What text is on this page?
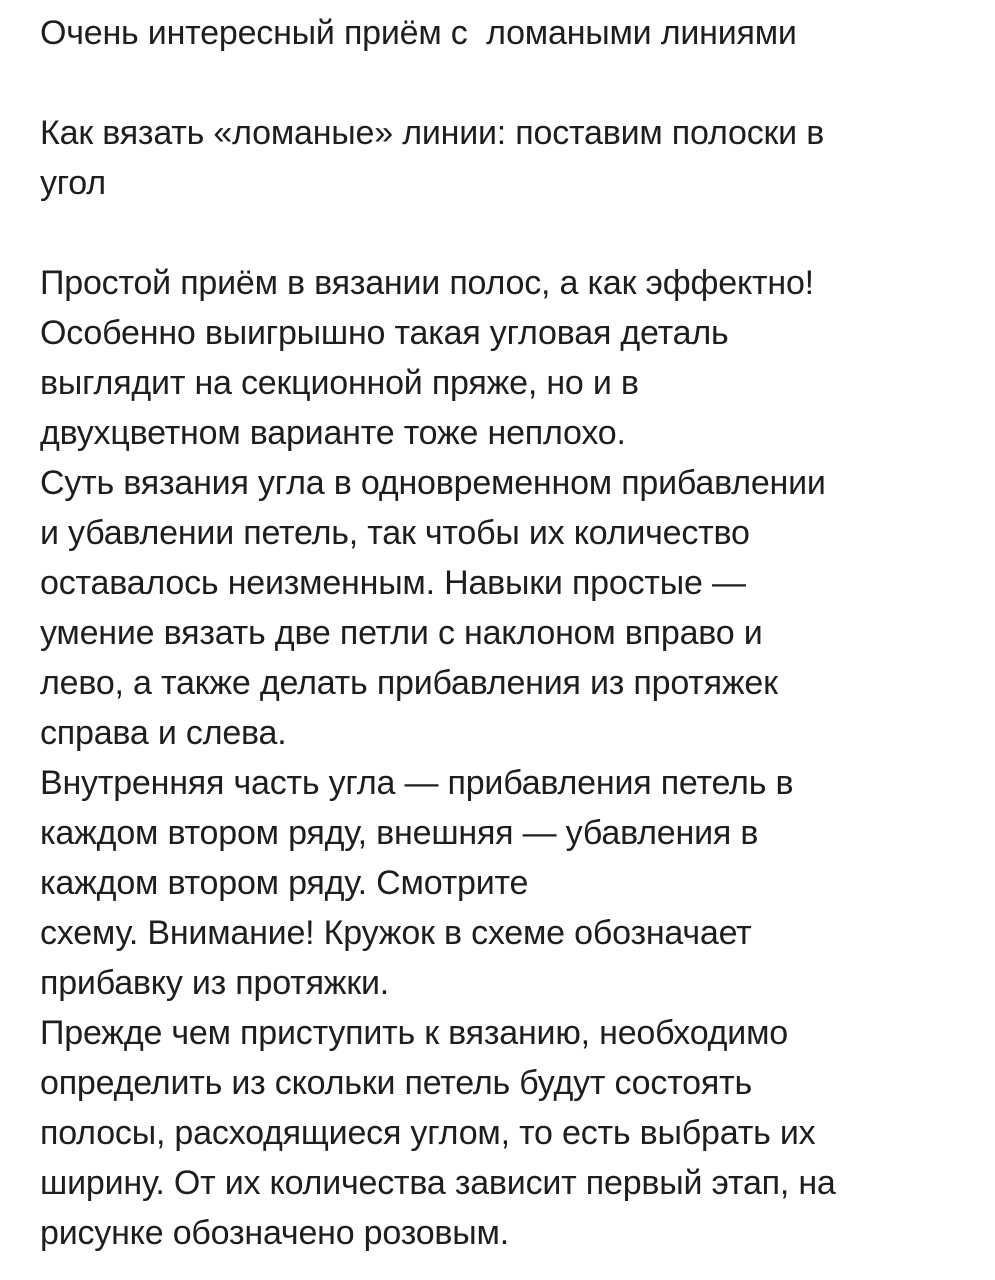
Очень интересный приём с  ломаными линиями
Как вязать «ломаные» линии: поставим полоски в
угол
Простой приём в вязании полос, а как эффектно!
Особенно выигрышно такая угловая деталь
выглядит на секционной пряже, но и в
двухцветном варианте тоже неплохо.
Суть вязания угла в одновременном прибавлении
и убавлении петель, так чтобы их количество
оставалось неизменным. Навыки простые —
умение вязать две петли с наклоном вправо и
лево, а также делать прибавления из протяжек
справа и слева.
Внутренняя часть угла — прибавления петель в
каждом втором ряду, внешняя — убавления в
каждом втором ряду. Смотрите
схему. Внимание! Кружок в схеме обозначает
прибавку из протяжки.
Прежде чем приступить к вязанию, необходимо
определить из скольки петель будут состоять
полосы, расходящиеся углом, то есть выбрать их
ширину. От их количества зависит первый этап, на
рисунке обозначено розовым.
